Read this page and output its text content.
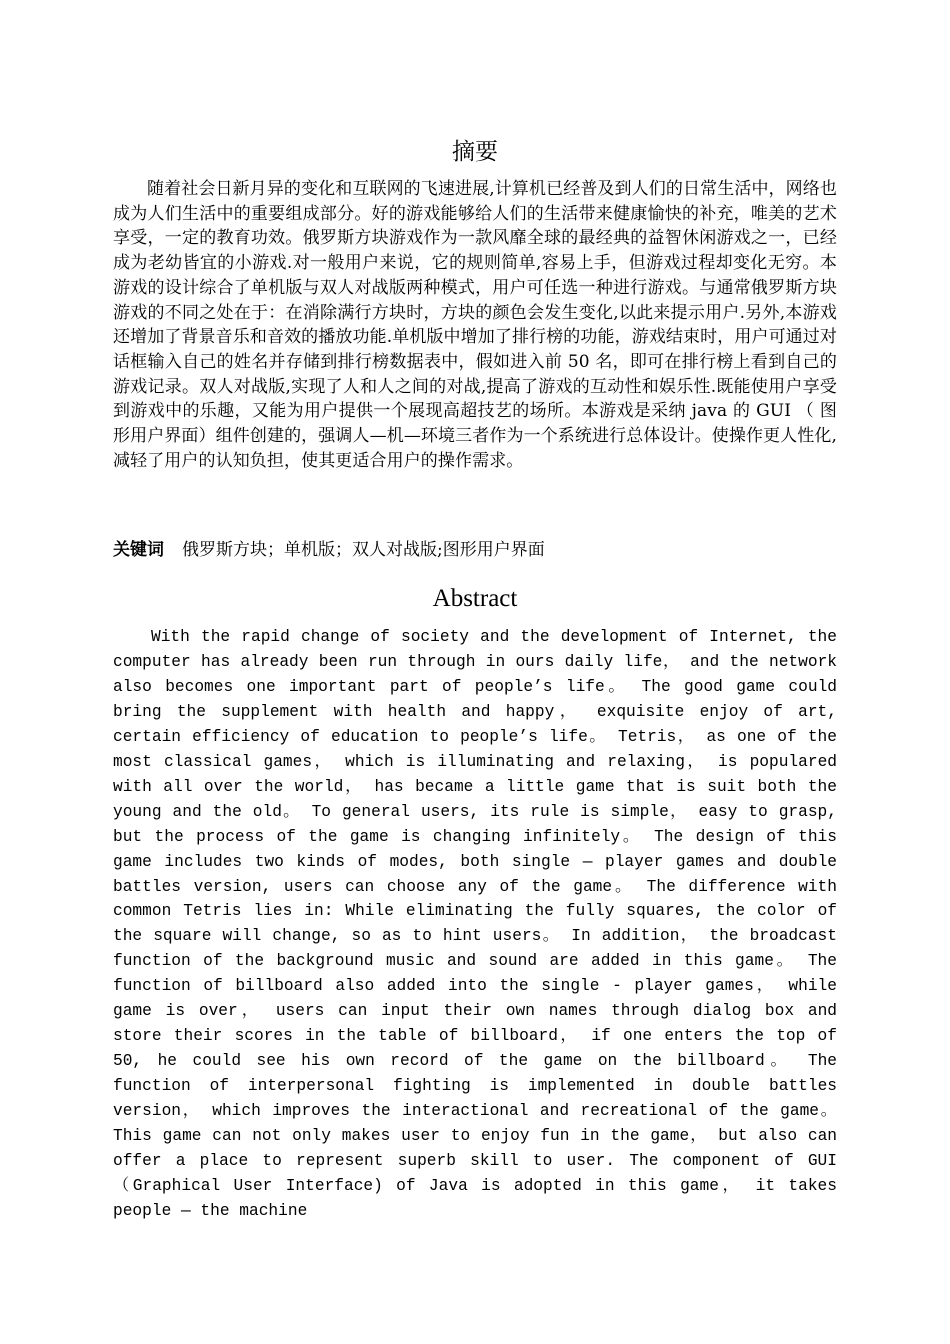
摘要

随着社会日新月异的变化和互联网的飞速进展,计算机已经普及到人们的日常生活中，网络也成为人们生活中的重要组成部分。好的游戏能够给人们的生活带来健康愉快的补充，唯美的艺术享受，一定的教育功效。俄罗斯方块游戏作为一款风靡全球的最经典的益智休闲游戏之一，已经成为老幼皆宜的小游戏.对一般用户来说，它的规则简单,容易上手，但游戏过程却变化无穷。本游戏的设计综合了单机版与双人对战版两种模式，用户可任选一种进行游戏。与通常俄罗斯方块游戏的不同之处在于：在消除满行方块时，方块的颜色会发生变化,以此来提示用户.另外,本游戏还增加了背景音乐和音效的播放功能.单机版中增加了排行榜的功能，游戏结束时，用户可通过对话框输入自己的姓名并存储到排行榜数据表中，假如进入前 50 名，即可在排行榜上看到自己的游戏记录。双人对战版,实现了人和人之间的对战,提高了游戏的互动性和娱乐性.既能使用户享受到游戏中的乐趣，又能为用户提供一个展现高超技艺的场所。本游戏是采纳 java 的 GUI （ 图形用户界面）组件创建的，强调人—机—环境三者作为一个系统进行总体设计。使操作更人性化,减轻了用户的认知负担，使其更适合用户的操作需求。

关键词 俄罗斯方块；单机版；双人对战版;图形用户界面

Abstract

With the rapid change of society and the development of Internet, the computer has already been run through in ours daily life， and the network also becomes one important part of people’s life。 The good game could bring the supplement with health and happy， exquisite enjoy of art, certain efficiency of education to people’s life。 Tetris， as one of the most classical games， which is illuminating and relaxing， is populared with all over the world， has became a little game that is suit both the young and the old。 To general users, its rule is simple， easy to grasp, but the process of the game is changing infinitely。 The design of this game includes two kinds of modes, both single — player games and double battles version, users can choose any of the game。 The difference with common Tetris lies in: While eliminating the fully squares, the color of the square will change, so as to hint users。 In addition， the broadcast function of the background music and sound are added in this game。 The function of billboard also added into the single - player games， while game is over， users can input their own names through dialog box and store their scores in the table of billboard， if one enters the top of 50, he could see his own record of the game on the billboard。 The function of interpersonal fighting is implemented in double battles version， which improves the interactional and recreational of the game。 This game can not only makes user to enjoy fun in the game， but also can offer a place to represent superb skill to user. The component of GUI （Graphical User Interface) of Java is adopted in this game， it takes people — the machine
